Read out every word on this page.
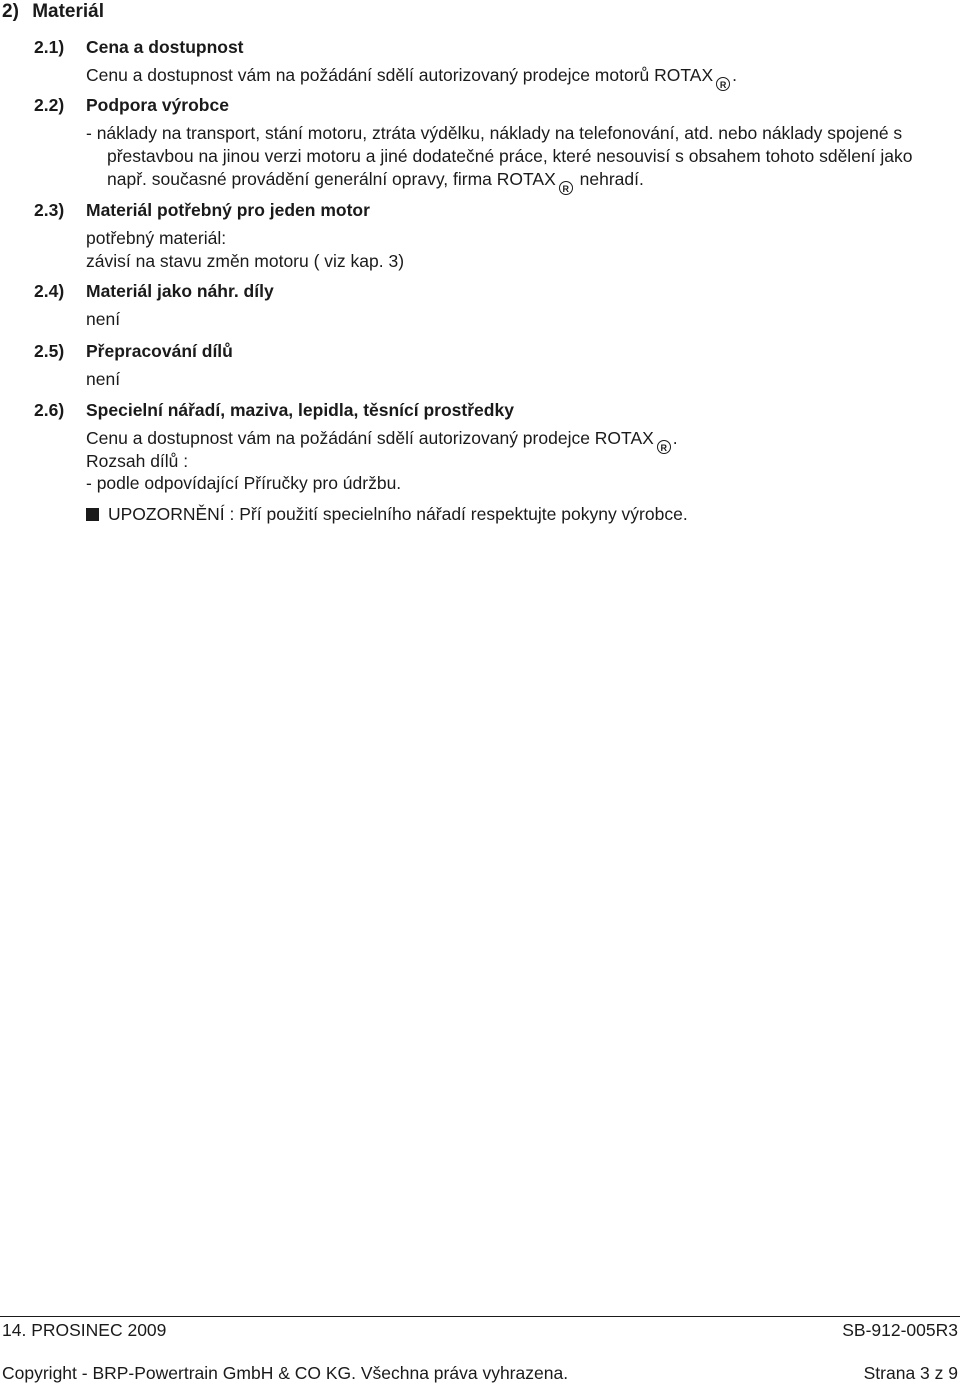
2) Materiál
2.1) Cena a dostupnost
Cenu a dostupnost vám na požádání sdělí autorizovaný prodejce motorů ROTAX R .
2.2) Podpora výrobce
- náklady na transport, stání motoru, ztráta výdělku, náklady na telefonování, atd. nebo náklady spojené s
přestavbou na jinou verzi motoru a jiné dodatečné práce, které nesouvisí s obsahem tohoto sdělení jako
např. současné provádění generální opravy, firma ROTAX R nehradí.
2.3) Materiál potřebný pro jeden motor
potřebný materiál:
závisí na stavu změn motoru ( viz kap. 3)
2.4) Materiál jako náhr. díly
není
2.5) Přepracování dílů
není
2.6) Specielní nářadí, maziva, lepidla, těsnící prostředky
Cenu a dostupnost vám na požádání sdělí autorizovaný prodejce ROTAX R .
Rozsah dílů :
- podle odpovídající Příručky pro údržbu.
UPOZORNĚNÍ : Pří použití specielního nářadí respektujte pokyny výrobce.
14. PROSINEC 2009	SB-912-005R3
Copyright - BRP-Powertrain GmbH & CO KG. Všechna práva vyhrazena.	Strana 3 z 9
